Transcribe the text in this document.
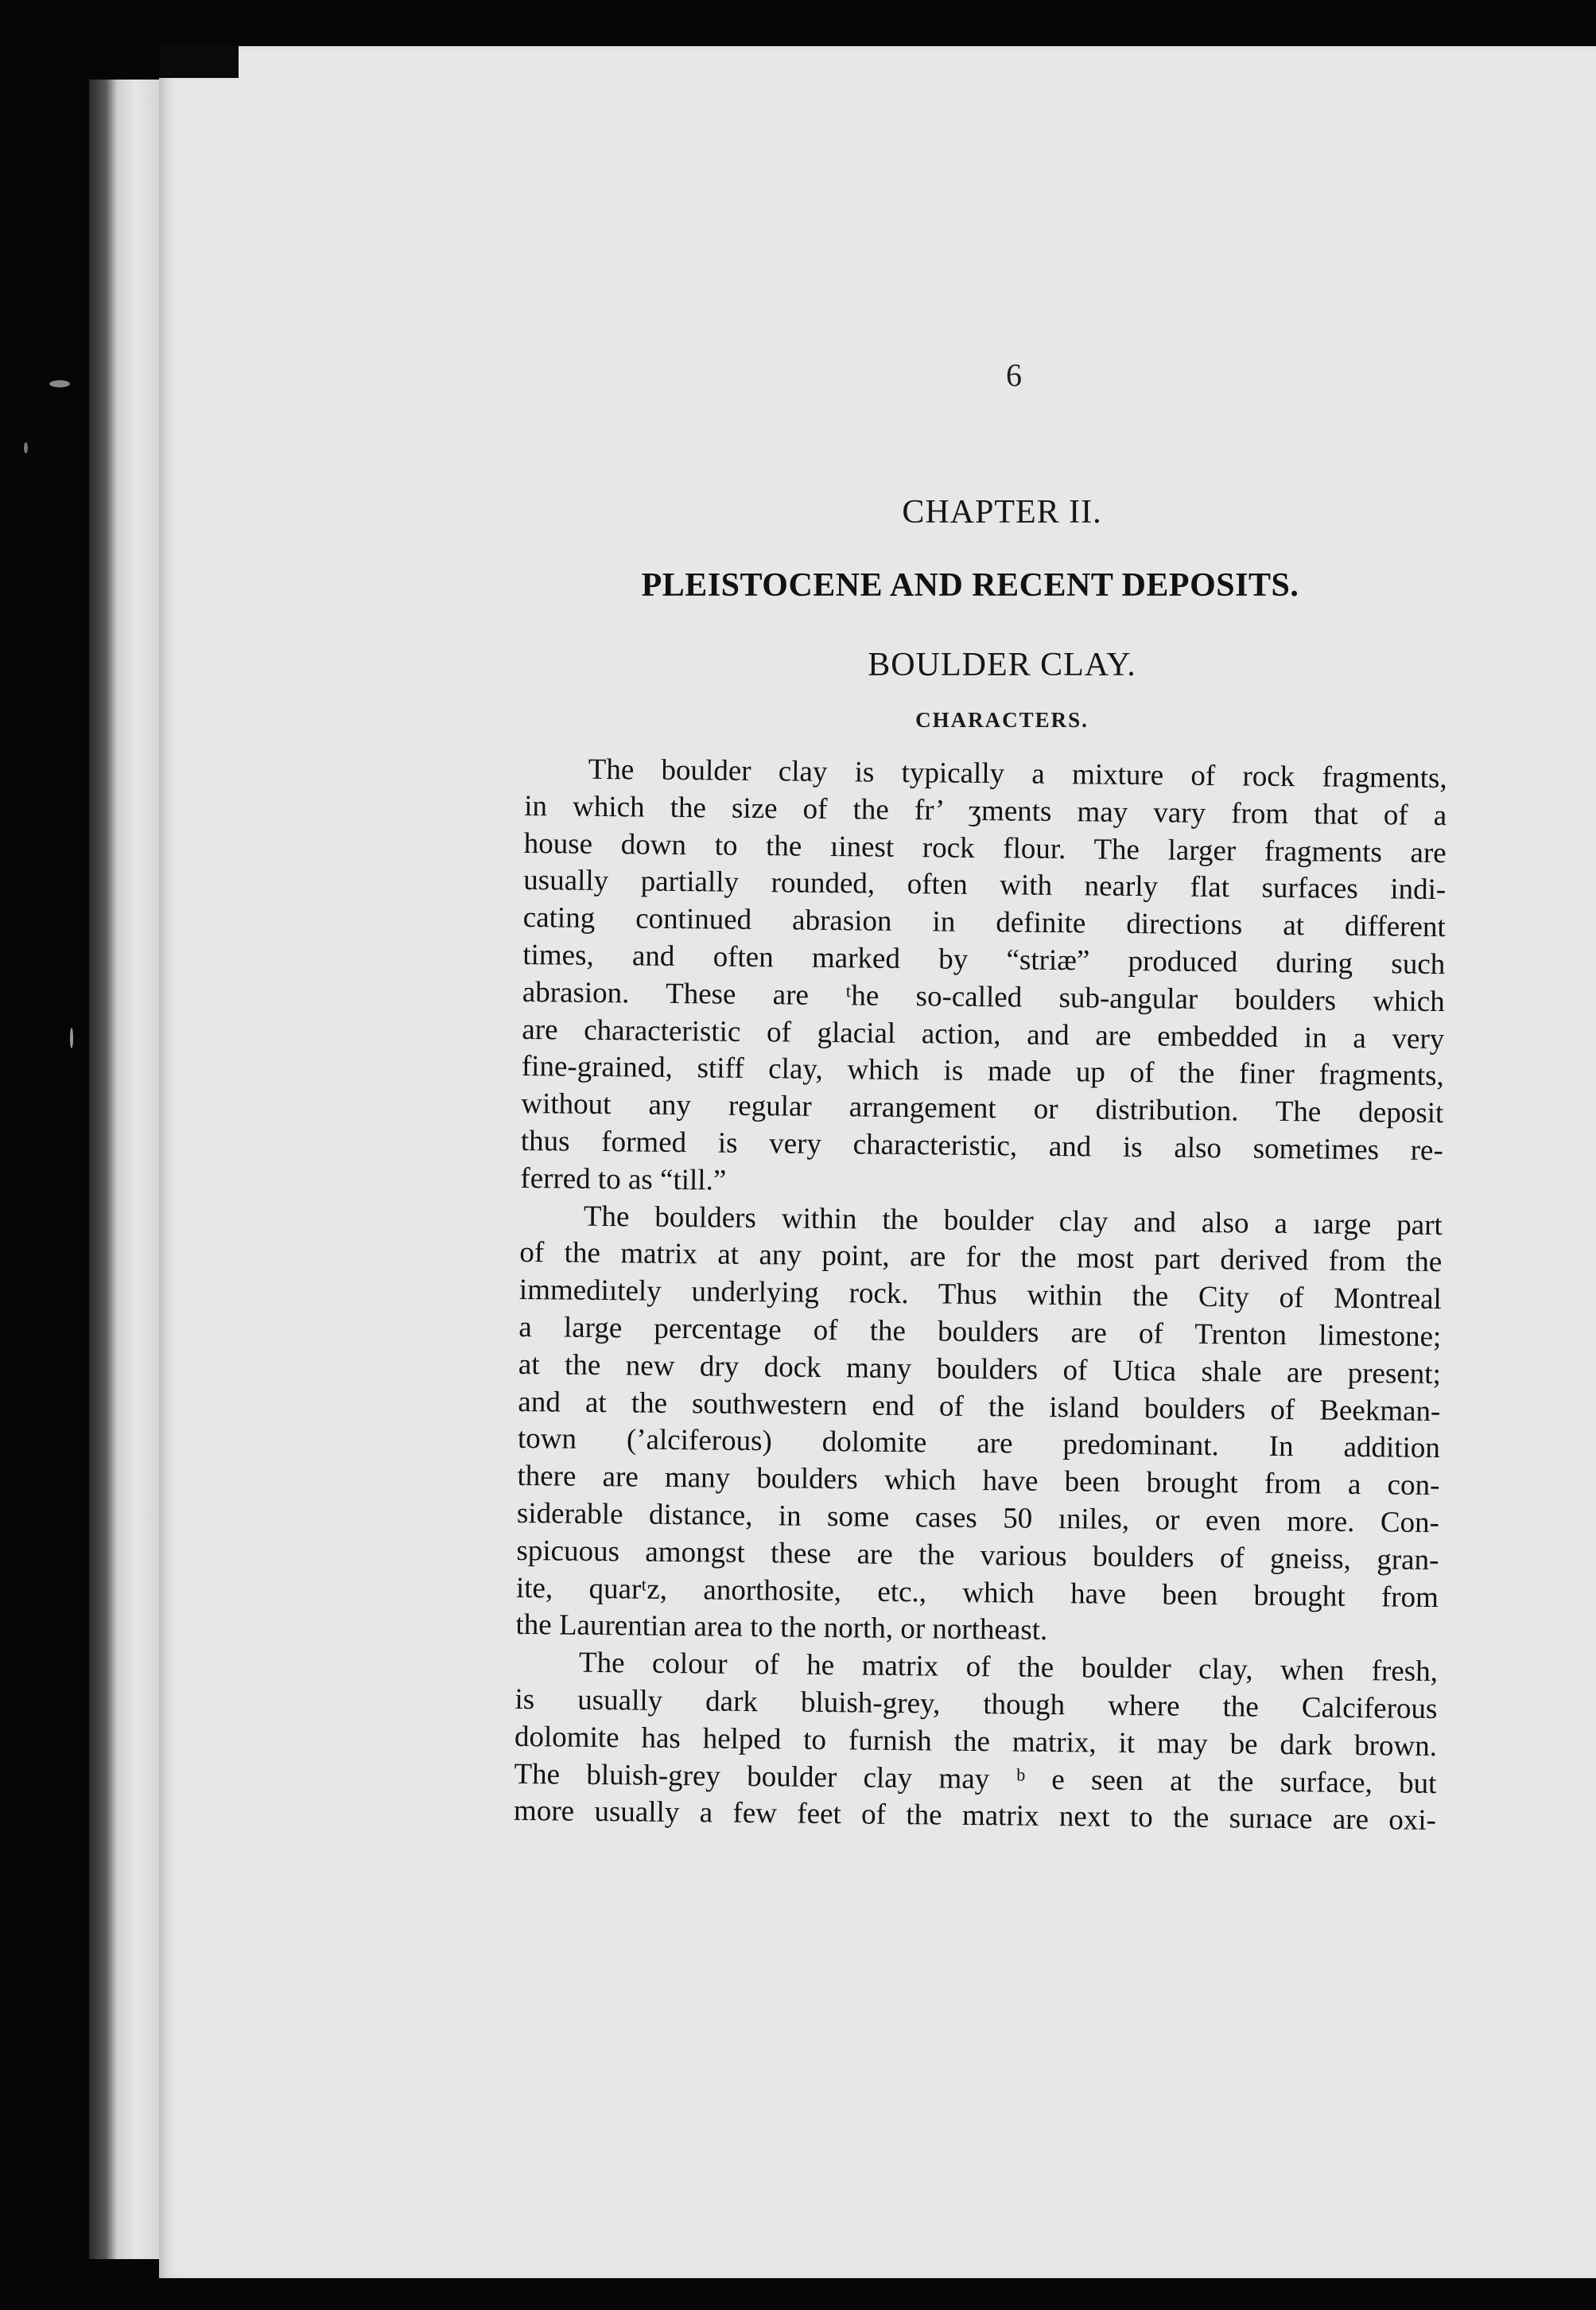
6
CHAPTER II.
PLEISTOCENE AND RECENT DEPOSITS.
BOULDER CLAY.
CHARACTERS.
The boulder clay is typically a mixture of rock fragments,
in which the size of the fr’ ʒments may vary from that of a
house down to the ıinest rock flour. The larger fragments are
usually partially rounded, often with nearly flat surfaces indi-
cating continued abrasion in definite directions at different
times, and often marked by “striæ” produced during such
abrasion. These are ᵗhe so-called sub-angular boulders which
are characteristic of glacial action, and are embedded in a very
fine-grained, stiff clay, which is made up of the finer fragments,
without any regular arrangement or distribution. The deposit
thus formed is very characteristic, and is also sometimes re-
ferred to as “till.”
The boulders within the boulder clay and also a ıarge part
of the matrix at any point, are for the most part derived from the
immediıtely underlying rock. Thus within the City of Montreal
a large percentage of the boulders are of Trenton limestone;
at the new dry dock many boulders of Utica shale are present;
and at the southwestern end of the island boulders of Beekman-
town (’alciferous) dolomite are predominant. In addition
there are many boulders which have been brought from a con-
siderable distance, in some cases 50 ıniles, or even more. Con-
spicuous amongst these are the various boulders of gneiss, gran-
ite, quarᵗz, anorthosite, etc., which have been brought from
the Laurentian area to the north, or northeast.
The colour of he matrix of the boulder clay, when fresh,
is usually dark bluish-grey, though where the Calciferous
dolomite has helped to furnish the matrix, it may be dark brown.
The bluish-grey boulder clay may ᵇ e seen at the surface, but
more usually a few feet of the matrix next to the surıace are oxi-
